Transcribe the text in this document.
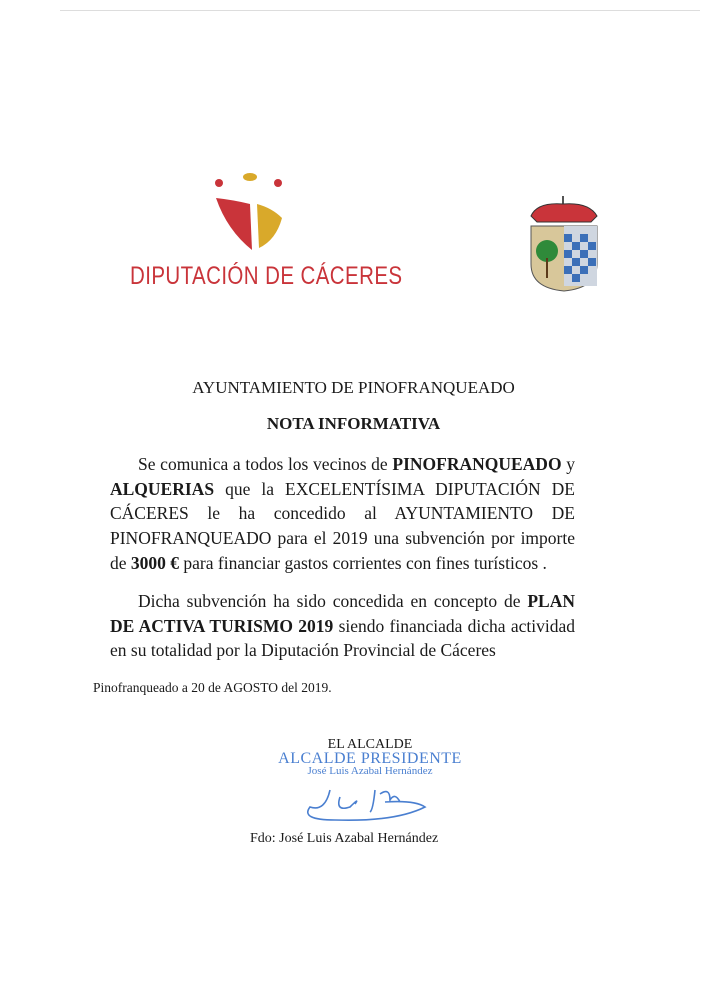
DIPUTACIÓN DE CÁCERES
AYUNTAMIENTO DE PINOFRANQUEADO
NOTA INFORMATIVA
Se comunica a todos los vecinos de PINOFRANQUEADO y ALQUERIAS que la EXCELENTÍSIMA DIPUTACIÓN DE CÁCERES le ha concedido al AYUNTAMIENTO DE PINOFRANQUEADO para el 2019 una subvención por importe de 3000 € para financiar gastos corrientes con fines turísticos .
Dicha subvención ha sido concedida en concepto de PLAN DE ACTIVA TURISMO 2019 siendo financiada dicha actividad en su totalidad por la Diputación Provincial de Cáceres
Pinofranqueado a 20 de AGOSTO del 2019.
EL ALCALDE
ALCALDE PRESIDENTE
José Luis Azabal Hernández
Fdo: José Luis Azabal Hernández
